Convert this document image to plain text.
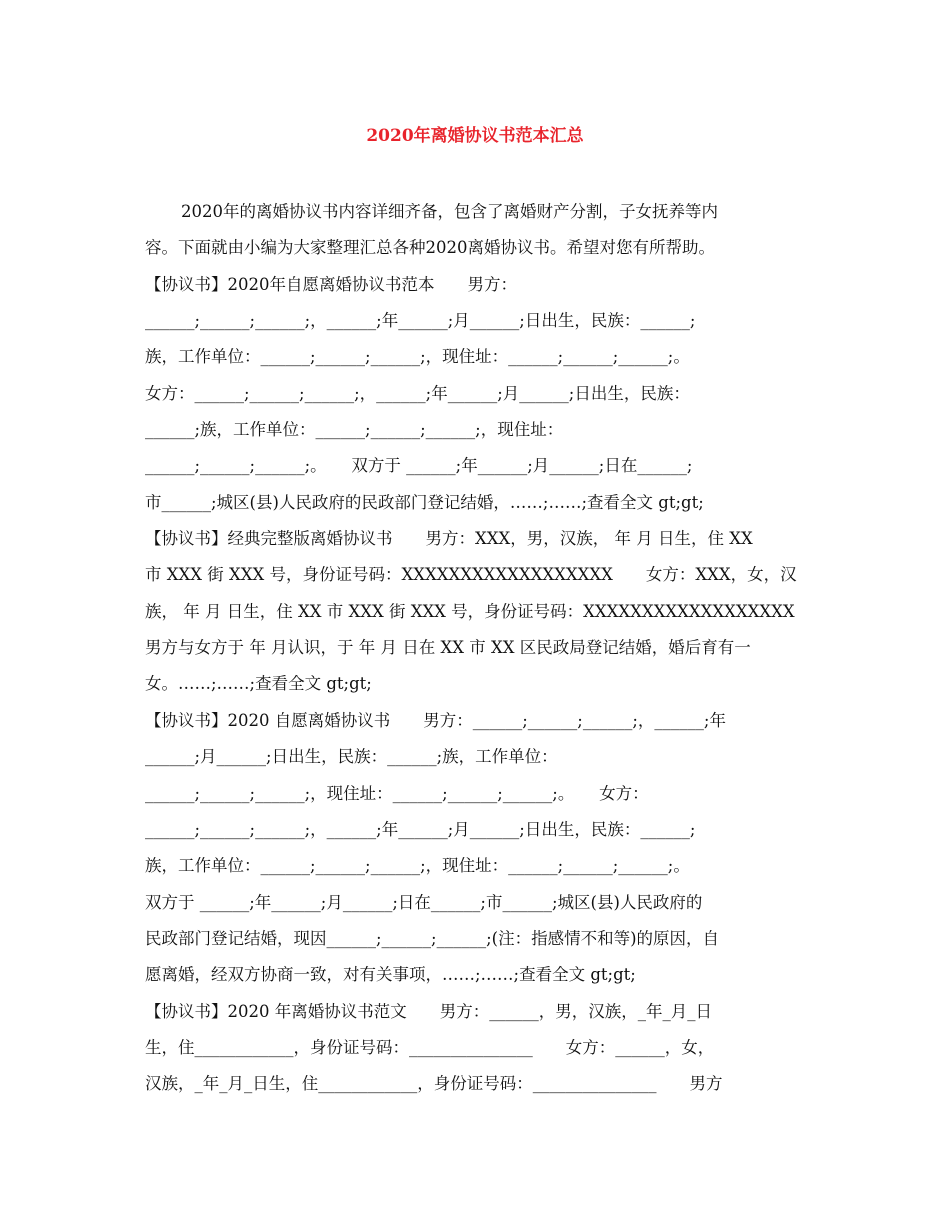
2020年离婚协议书范本汇总
2020年的离婚协议书内容详细齐备，包含了离婚财产分割，子女抚养等内
容。下面就由小编为大家整理汇总各种2020离婚协议书。希望对您有所帮助。
【协议书】2020年自愿离婚协议书范本　　男方：
______;______;______;，______;年______;月______;日出生，民族：______;
族，工作单位：______;______;______;，现住址：______;______;______;。
女方：______;______;______;，______;年______;月______;日出生，民族：
______;族，工作单位：______;______;______;，现住址：
______;______;______;。　　双方于 ______;年______;月______;日在______;
市______;城区(县)人民政府的民政部门登记结婚，……;……;查看全文 gt;gt;
【协议书】经典完整版离婚协议书　　男方：XXX，男，汉族， 年 月 日生，住 XX
市 XXX 街 XXX 号，身份证号码：XXXXXXXXXXXXXXXXXX　　女方：XXX，女，汉
族， 年 月 日生，住 XX 市 XXX 街 XXX 号，身份证号码：XXXXXXXXXXXXXXXXXX
男方与女方于 年 月认识，于 年 月 日在 XX 市 XX 区民政局登记结婚，婚后育有一
女。……;……;查看全文 gt;gt;
【协议书】2020 自愿离婚协议书　　男方：______;______;______;，______;年
______;月______;日出生，民族：______;族，工作单位：
______;______;______;，现住址：______;______;______;。　　女方：
______;______;______;，______;年______;月______;日出生，民族：______;
族，工作单位：______;______;______;，现住址：______;______;______;。
双方于 ______;年______;月______;日在______;市______;城区(县)人民政府的
民政部门登记结婚，现因______;______;______;(注：指感情不和等)的原因，自
愿离婚，经双方协商一致，对有关事项，……;……;查看全文 gt;gt;
【协议书】2020 年离婚协议书范文　　男方：______，男，汉族，_年_月_日
生，住____________，身份证号码：_______________　　女方：______，女，
汉族，_年_月_日生，住____________，身份证号码：_______________　　男方
